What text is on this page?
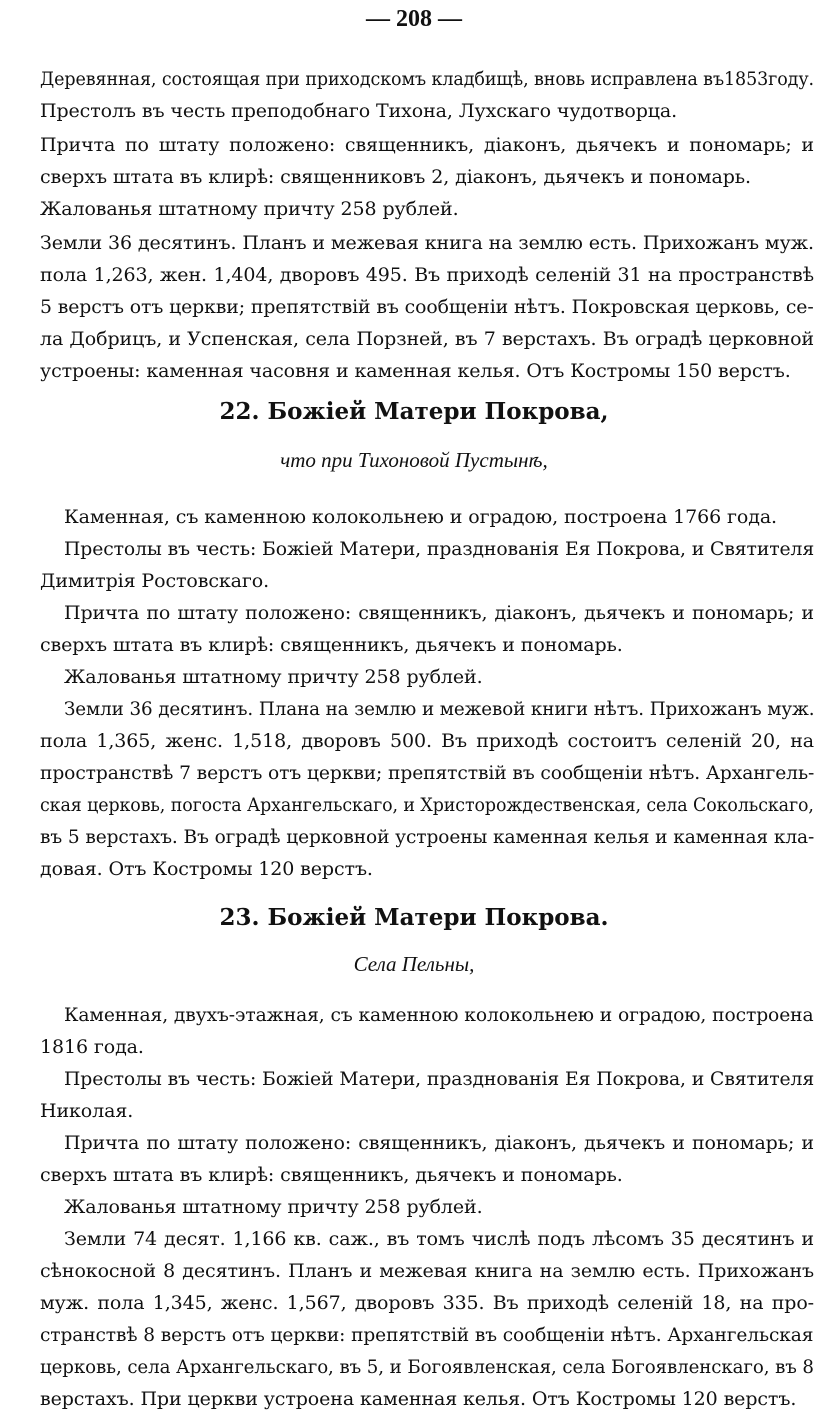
— 208 —
Деревянная, состоящая при приходскомъ кладбищѣ, вновь исправлена въ1853году.
Престолъ въ честь преподобнаго Тихона, Лухскаго чудотворца.
Причта по штату положено: священникъ, діаконъ, дьячекъ и пономарь; и
сверхъ штата въ клирѣ: священниковъ 2, діаконъ, дьячекъ и пономарь.
Жалованья штатному причту 258 рублей.
Земли 36 десятинъ. Планъ и межевая книга на землю есть. Прихожанъ муж.
пола 1,263, жен. 1,404, дворовъ 495. Въ приходѣ селеній 31 на пространствѣ
5 верстъ отъ церкви; препятствій въ сообщеніи нѣтъ. Покровская церковь, се-
ла Добрицъ, и Успенская, села Порзней, въ 7 верстахъ. Въ оградѣ церковной
устроены: каменная часовня и каменная келья. Отъ Костромы 150 верстъ.
22. Божіей Матери Покрова,
что при Тихоновой Пустынѣ,
Каменная, съ каменною колокольнею и оградою, построена 1766 года.
Престолы въ честь: Божіей Матери, празднованія Ея Покрова, и Святителя
Димитрія Ростовскаго.
Причта по штату положено: священникъ, діаконъ, дьячекъ и пономарь; и
сверхъ штата въ клирѣ: священникъ, дьячекъ и пономарь.
Жалованья штатному причту 258 рублей.
Земли 36 десятинъ. Плана на землю и межевой книги нѣтъ. Прихожанъ муж.
пола 1,365, женс. 1,518, дворовъ 500. Въ приходѣ состоитъ селеній 20, на
пространствѣ 7 верстъ отъ церкви; препятствій въ сообщеніи нѣтъ. Архангель-
ская церковь, погоста Архангельскаго, и Христорождественская, села Сокольскаго,
въ 5 верстахъ. Въ оградѣ церковной устроены каменная келья и каменная кла-
довая. Отъ Костромы 120 верстъ.
23. Божіей Матери Покрова.
Села Пельны,
Каменная, двухъ-этажная, съ каменною колокольнею и оградою, построена
1816 года.
Престолы въ честь: Божіей Матери, празднованія Ея Покрова, и Святителя
Николая.
Причта по штату положено: священникъ, діаконъ, дьячекъ и пономарь; и
сверхъ штата въ клирѣ: священникъ, дьячекъ и пономарь.
Жалованья штатному причту 258 рублей.
Земли 74 десят. 1,166 кв. саж., въ томъ числѣ подъ лѣсомъ 35 десятинъ и
сѣнокосной 8 десятинъ. Планъ и межевая книга на землю есть. Прихожанъ
муж. пола 1,345, женс. 1,567, дворовъ 335. Въ приходѣ селеній 18, на про-
странствѣ 8 верстъ отъ церкви: препятствій въ сообщеніи нѣтъ. Архангельская
церковь, села Архангельскаго, въ 5, и Богоявленская, села Богоявленскаго, въ 8
верстахъ. При церкви устроена каменная келья. Отъ Костромы 120 верстъ.
